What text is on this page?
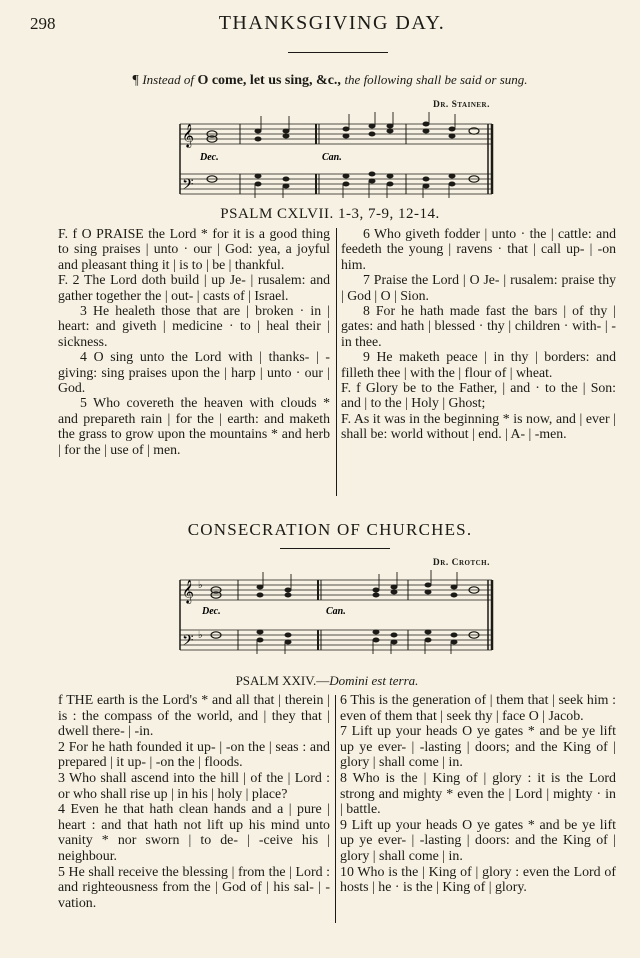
298	THANKSGIVING DAY.
¶ Instead of O come, let us sing, &c., the following shall be said or sung.
Dr. Stainer.
𝄞
𝄢
Dec.	Can.
PSALM CXLVII. 1-3, 7-9, 12-14.

F. f O PRAISE the Lord * for it is a good thing to sing praises | unto · our | God: yea, a joyful and pleasant thing it | is to | be | thankful.

F. 2 The Lord doth build | up Je- | rusalem: and gather together the | out- | casts of | Israel.

3 He healeth those that are | broken · in | heart: and giveth | medicine · to | heal their | sickness.

4 O sing unto the Lord with | thanks- | -giving: sing praises upon the | harp | unto · our | God.

5 Who covereth the heaven with clouds * and prepareth rain | for the | earth: and maketh the grass to grow upon the mountains * and herb | for the | use of | men.

6 Who giveth fodder | unto · the | cattle: and feedeth the young | ravens · that | call up- | -on him.

7 Praise the Lord | O Je- | rusalem: praise thy | God | O | Sion.

8 For he hath made fast the bars | of thy | gates: and hath | blessed · thy | children · with- | -in thee.

9 He maketh peace | in thy | borders: and filleth thee | with the | flour of | wheat.

F. f Glory be to the Father, | and · to the | Son: and | to the | Holy | Ghost;

F. As it was in the beginning * is now, and | ever | shall be: world without | end. | A- | -men.

CONSECRATION OF CHURCHES.
Dr. Crotch.
𝄞 ♭
𝄢 ♭
Dec.	Can.
PSALM XXIV.—Domini est terra.

f THE earth is the Lord's * and all that | therein | is : the compass of the world, and | they that | dwell there- | -in.

2 For he hath founded it up- | -on the | seas : and prepared | it up- | -on the | floods.

3 Who shall ascend into the hill | of the | Lord : or who shall rise up | in his | holy | place?

4 Even he that hath clean hands and a | pure | heart : and that hath not lift up his mind unto vanity * nor sworn | to de- | -ceive his | neighbour.

5 He shall receive the blessing | from the | Lord : and righteousness from the | God of | his sal- | -vation.

6 This is the generation of | them that | seek him : even of them that | seek thy | face O | Jacob.

7 Lift up your heads O ye gates * and be ye lift up ye ever- | -lasting | doors; and the King of | glory | shall come | in.

8 Who is the | King of | glory : it is the Lord strong and mighty * even the | Lord | mighty · in | battle.

9 Lift up your heads O ye gates * and be ye lift up ye ever- | -lasting | doors: and the King of | glory | shall come | in.

10 Who is the | King of | glory : even the Lord of hosts | he · is the | King of | glory.
